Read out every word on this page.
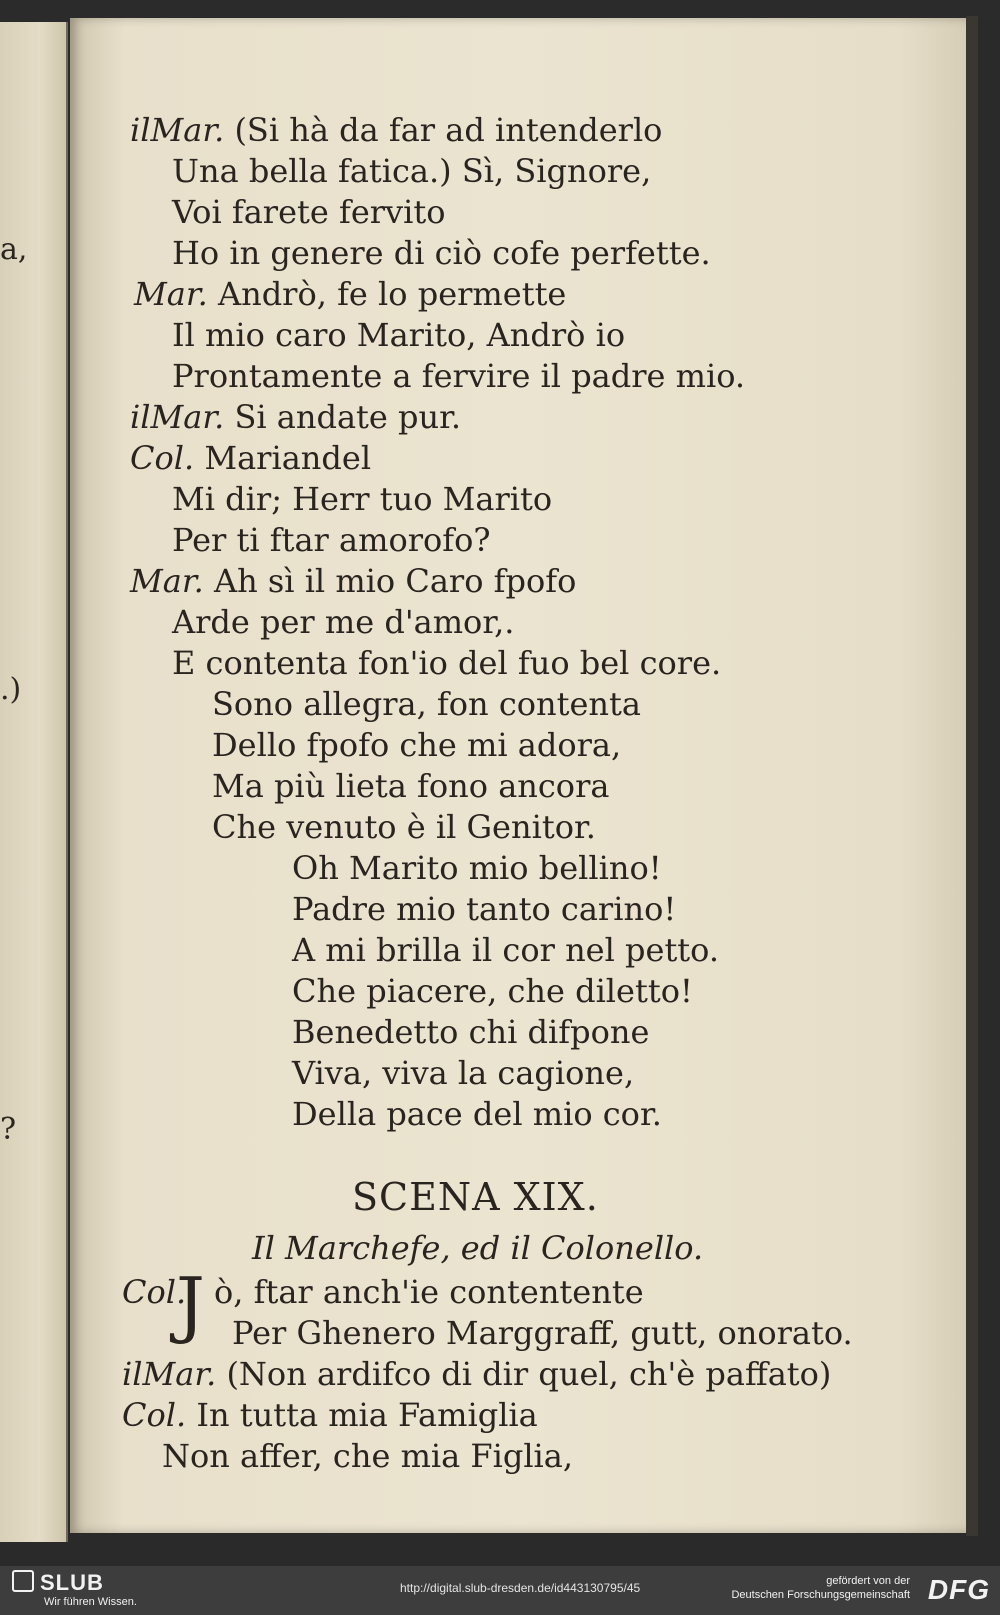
a,
.)
?
ilMar. (Si hà da far ad intenderlo
Una bella fatica.) Sì, Signore,
Voi farete fervito
Ho in genere di ciò cofe perfette.
Mar. Andrò, fe lo permette
Il mio caro Marito, Andrò io
Prontamente a fervire il padre mio.
ilMar. Si andate pur.
Col. Mariandel
Mi dir; Herr tuo Marito
Per ti ftar amorofo?
Mar. Ah sì il mio Caro fpofo
Arde per me d'amor,.
E contenta fon'io del fuo bel core.
Sono allegra, fon contenta
Dello fpofo che mi adora,
Ma più lieta fono ancora
Che venuto è il Genitor.
Oh Marito mio bellino!
Padre mio tanto carino!
A mi brilla il cor nel petto.
Che piacere, che diletto!
Benedetto chi difpone
Viva, viva la cagione,
Della pace del mio cor.
SCENA XIX.
Il Marchefe, ed il Colonello.
Col.
J ò, ftar anch'ie contentente
Per Ghenero Marggraff, gutt, onorato.
ilMar. (Non ardifco di dir quel, ch'è paffato)
Col. In tutta mia Famiglia
Non affer, che mia Figlia,
SLUB
Wir führen Wissen.
http://digital.slub-dresden.de/id443130795/45	gefördert von der
Deutschen Forschungsgemeinschaft DFG
